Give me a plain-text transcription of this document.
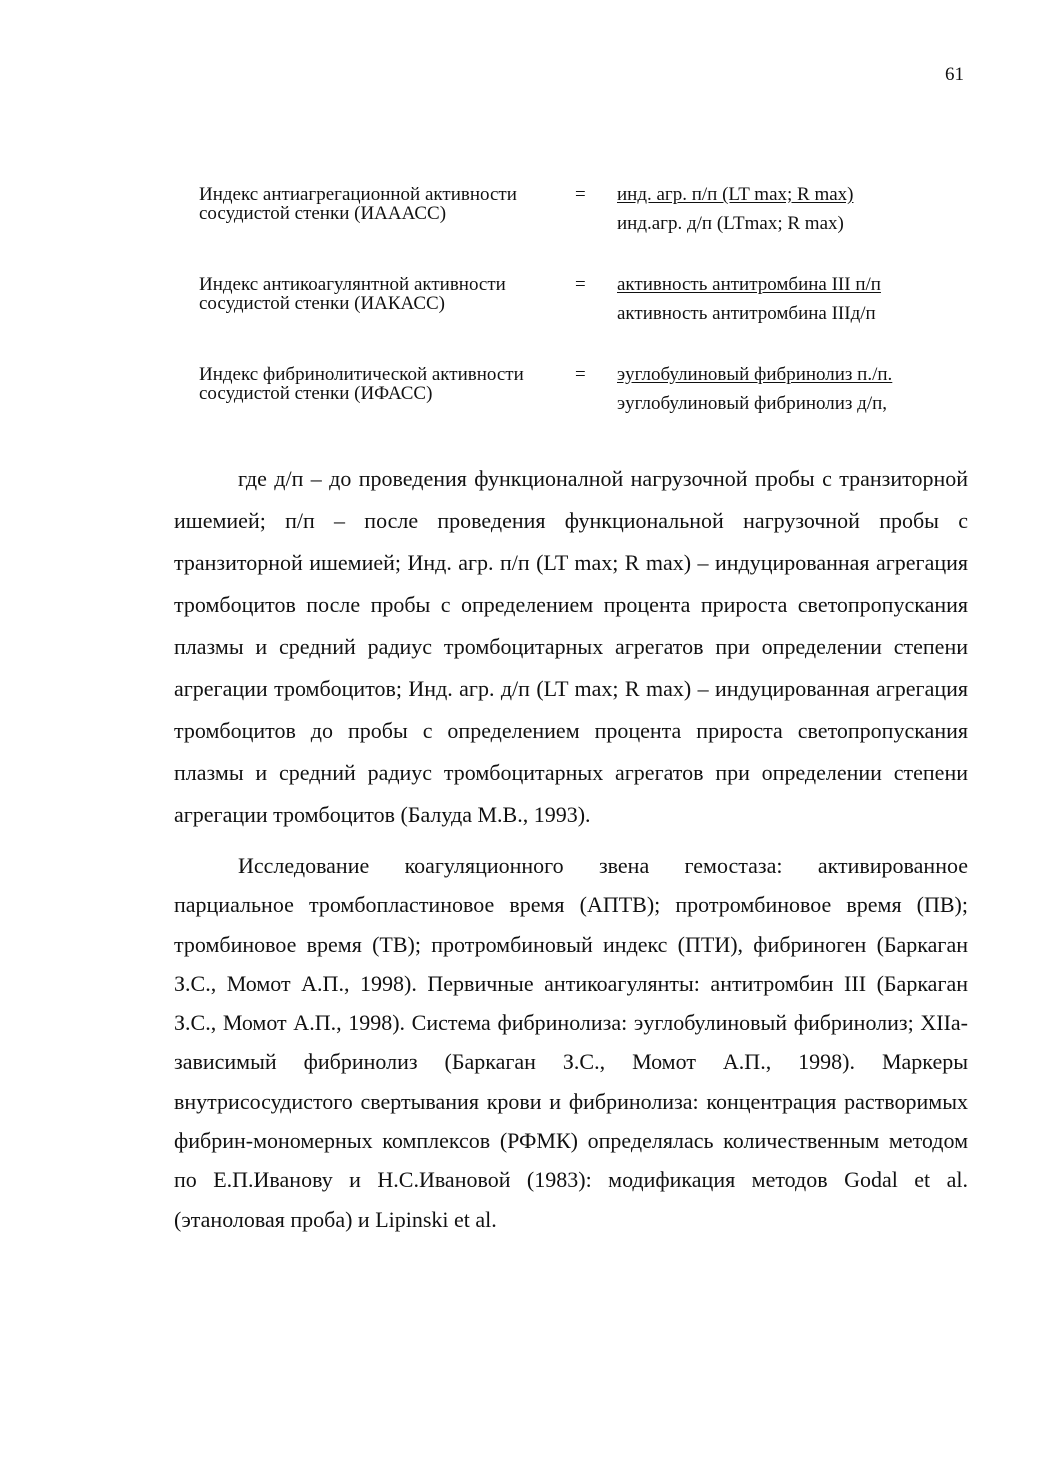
61
Индекс антиагрегационной активности сосудистой стенки (ИАААСС)
=	$\frac{\text{инд. агр. п/п (LT max; R max)}}{\text{инд.агр. д/п (LTmax; R max)}}$
Индекс антикоагулянтной активности сосудистой стенки (ИАКАСС)
=	$\frac{\text{активность антитромбина III п/п}}{\text{активность антитромбина IIIд/п}}$
Индекс фибринолитической активности сосудистой стенки (ИФАСС)
=	$\frac{\text{эуглобулиновый фибринолиз п./п.}}{\text{эуглобулиновый фибринолиз д/п,}}$

где д/п – до проведения функционалной нагрузочной пробы с транзиторной ишемией; п/п – после проведения функциональной нагрузочной пробы с транзиторной ишемией; Инд. агр. п/п (LT max; R max) – индуцированная агрегация тромбоцитов после пробы с определением процента прироста светопропускания плазмы и средний радиус тромбоцитарных агрегатов при определении степени агрегации тромбоцитов; Инд. агр. д/п (LT max; R max) – индуцированная агрегация тромбоцитов до пробы с определением процента прироста светопропускания плазмы и средний радиус тромбоцитарных агрегатов при определении степени агрегации тромбоцитов (Балуда М.В., 1993).

Исследование коагуляционного звена гемостаза: активированное парциальное тромбопластиновое время (АПТВ); протромбиновое время (ПВ); тромбиновое время (ТВ); протромбиновый индекс (ПТИ), фибриноген (Баркаган З.С., Момот А.П., 1998). Первичные антикоагулянты: антитромбин III (Баркаган З.С., Момот А.П., 1998). Система фибринолиза: эуглобулиновый фибринолиз; XIIa-зависимый фибринолиз (Баркаган З.С., Момот А.П., 1998). Маркеры внутрисосудистого свертывания крови и фибринолиза: концентрация растворимых фибрин-мономерных комплексов (РФМК) определялась количественным методом по Е.П.Иванову и Н.С.Ивановой (1983): модификация методов Godal et al. (этаноловая проба) и Lipinski et al.
